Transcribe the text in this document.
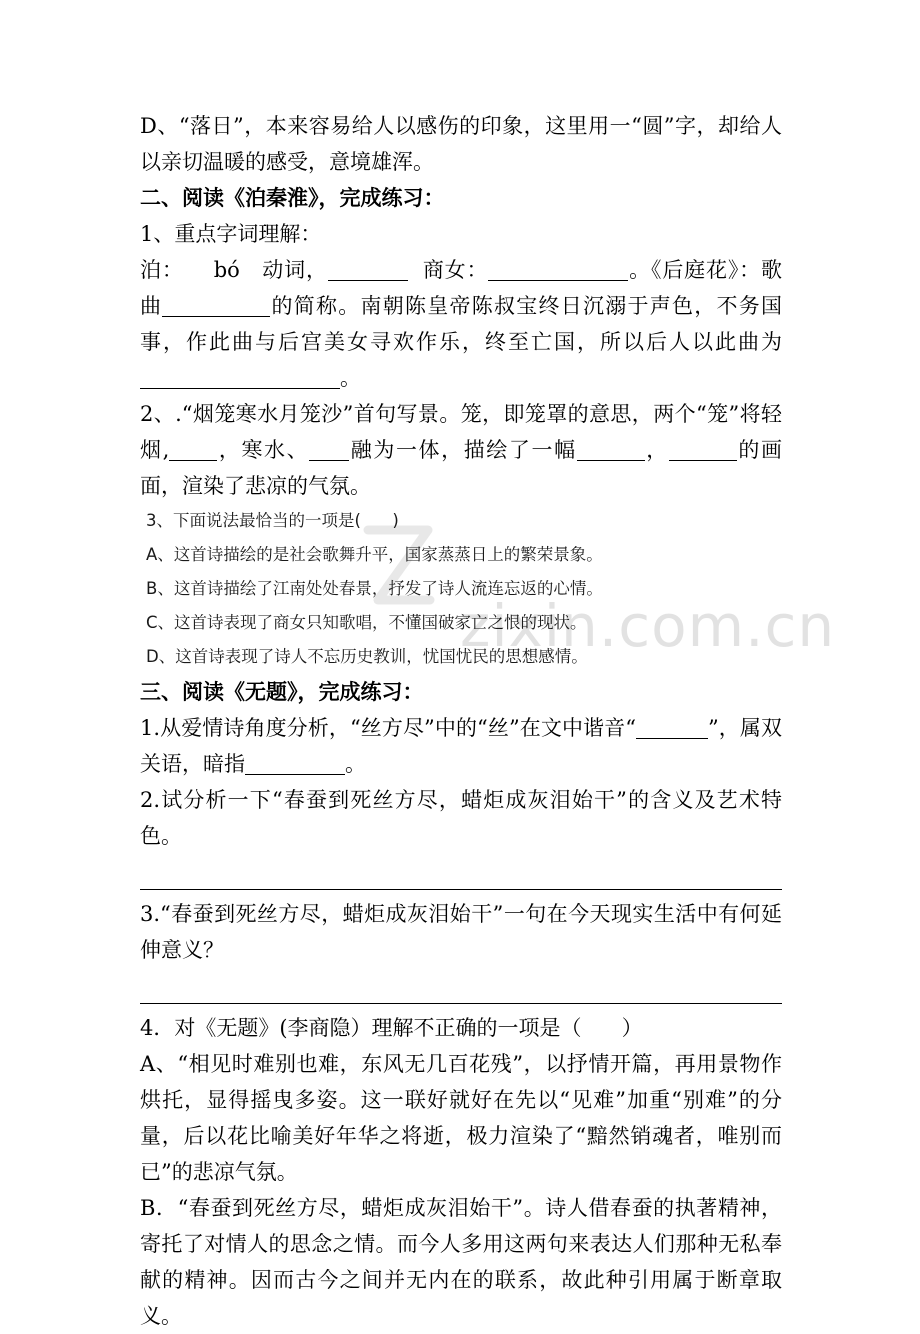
zixin.com.cn

D、“落日”，本来容易给人以感伤的印象，这里用一“圆”字，却给人以亲切温暖的感受，意境雄浑。

二、阅读《泊秦淮》，完成练习：

1、重点字词理解：

泊：    bó   动词，	商女：	。《后庭花》：歌曲	的简称。南朝陈皇帝陈叔宝终日沉溺于声色，不务国事，作此曲与后宫美女寻欢作乐，终至亡国，所以后人以此曲为。

2、.“烟笼寒水月笼沙”首句写景。笼，即笼罩的意思，两个“笼”将轻烟, ，寒水、 融为一体，描绘了一幅	，	的画面，渲染了悲凉的气氛。

3、下面说法最恰当的一项是(      )

A、这首诗描绘的是社会歌舞升平，国家蒸蒸日上的繁荣景象。

B、这首诗描绘了江南处处春景，抒发了诗人流连忘返的心情。

C、这首诗表现了商女只知歌唱，不懂国破家亡之恨的现状。

D、这首诗表现了诗人不忘历史教训，忧国忧民的思想感情。

三、阅读《无题》，完成练习：

1.从爱情诗角度分析，“丝方尽”中的“丝”在文中谐音“	”，属双关语，暗指	。

2.试分析一下“春蚕到死丝方尽，蜡炬成灰泪始干”的含义及艺术特色。

3.“春蚕到死丝方尽，蜡炬成灰泪始干”一句在今天现实生活中有何延伸意义？

4．对《无题》(李商隐）理解不正确的一项是（      ）

A、“相见时难别也难，东风无几百花残”，以抒情开篇，再用景物作烘托，显得摇曳多姿。这一联好就好在先以“见难”加重“别难”的分量，后以花比喻美好年华之将逝，极力渲染了“黯然销魂者，唯别而已”的悲凉气氛。

B．“春蚕到死丝方尽，蜡炬成灰泪始干”。诗人借春蚕的执著精神，寄托了对情人的思念之情。而今人多用这两句来表达人们那种无私奉献的精神。因而古今之间并无内在的联系，故此种引用属于断章取义。
